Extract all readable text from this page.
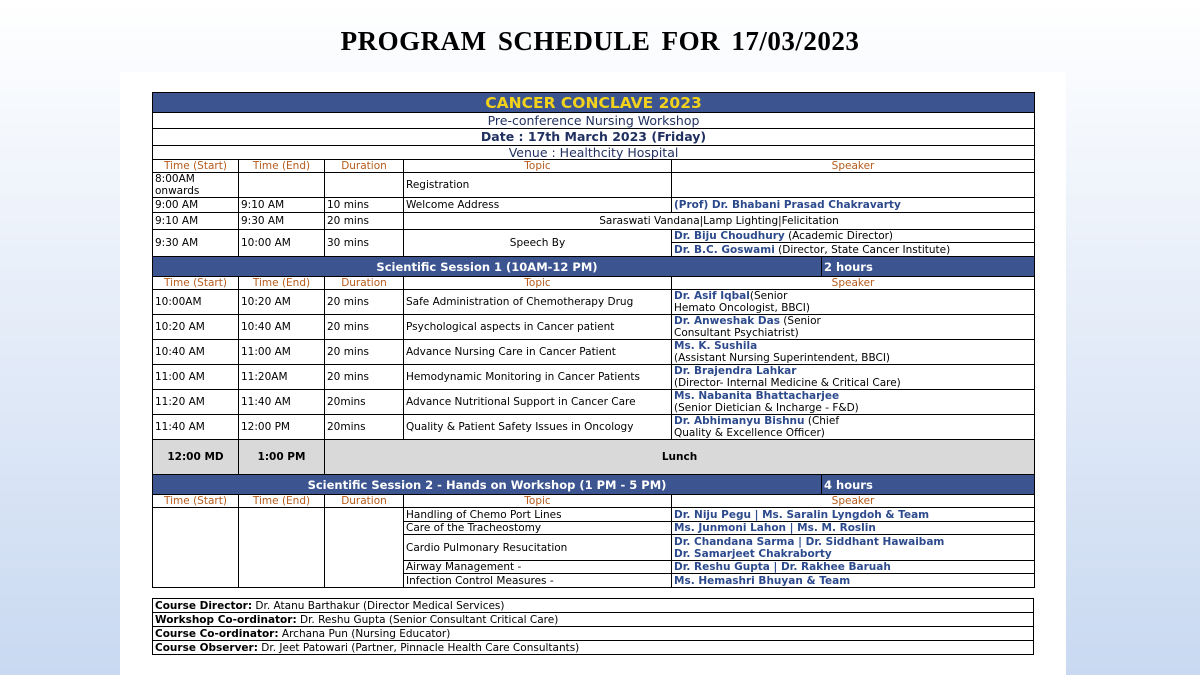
PROGRAM SCHEDULE FOR 17/03/2023
CANCER CONCLAVE 2023					
Pre-conference Nursing Workshop					
Date : 17th March 2023 (Friday)					
Venue : Healthcity Hospital					
Time (Start)	Time (End)	Duration	Topic	Speaker	
8:00AM
onwards			Registration		
9:00 AM	9:10 AM	10 mins	Welcome Address	(Prof) Dr. Bhabani Prasad Chakravarty	
9:10 AM	9:30 AM	20 mins	Saraswati Vandana|Lamp Lighting|Felicitation		
9:30 AM	10:00 AM	30 mins	Speech By	Dr. Biju Choudhury (Academic Director)	
				Dr. B.C. Goswami (Director, State Cancer Institute)	
Scientific Session 1 (10AM-12 PM)					2 hours
Time (Start)	Time (End)	Duration	Topic	Speaker	
10:00AM	10:20 AM	20 mins	Safe Administration of Chemotherapy Drug	Dr. Asif Iqbal(Senior
Hemato Oncologist, BBCI)	
10:20 AM	10:40 AM	20 mins	Psychological aspects in Cancer patient	Dr. Anweshak Das (Senior
Consultant Psychiatrist)	
10:40 AM	11:00 AM	20 mins	Advance Nursing Care in Cancer Patient	Ms. K. Sushila
(Assistant Nursing Superintendent, BBCI)	
11:00 AM	11:20AM	20 mins	Hemodynamic Monitoring in Cancer Patients	Dr. Brajendra Lahkar
(Director- Internal Medicine & Critical Care)	
11:20 AM	11:40 AM	20mins	Advance Nutritional Support in Cancer Care	Ms. Nabanita Bhattacharjee
(Senior Dietician & Incharge - F&D)	
11:40 AM	12:00 PM	20mins	Quality & Patient Safety Issues in Oncology	Dr. Abhimanyu Bishnu (Chief
Quality & Excellence Officer)	
12:00 MD	1:00 PM	Lunch			
Scientific Session 2 - Hands on Workshop (1 PM - 5 PM)					4 hours
Time (Start)	Time (End)	Duration	Topic	Speaker	
			Handling of Chemo Port Lines	Dr. Niju Pegu | Ms. Saralin Lyngdoh & Team	
			Care of the Tracheostomy	Ms. Junmoni Lahon | Ms. M. Roslin	
			Cardio Pulmonary Resucitation	Dr. Chandana Sarma | Dr. Siddhant Hawaibam
Dr. Samarjeet Chakraborty	
			Airway Management -	Dr. Reshu Gupta | Dr. Rakhee Baruah	
			Infection Control Measures -	Ms. Hemashri Bhuyan & Team	
Course Director: Dr. Atanu Barthakur (Director Medical Services)
Workshop Co-ordinator: Dr. Reshu Gupta (Senior Consultant Critical Care)
Course Co-ordinator: Archana Pun (Nursing Educator)
Course Observer: Dr. Jeet Patowari (Partner, Pinnacle Health Care Consultants)
